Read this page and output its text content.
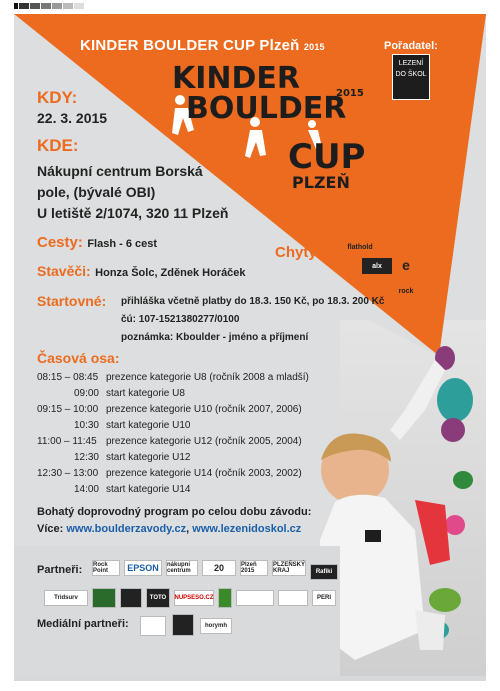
KINDER BOULDER CUP Plzeň 2015	Pořadatel:
LEZENÍ DO ŠKOL
KINDER
BOULDER
2015
CUP
PLZEŇ
KDY:
22. 3. 2015
KDE:
Nákupní centrum Borská
pole, (bývalé OBI)
U letiště 2/1074, 320 11 Plzeň
Cesty: Flash - 6 cest	Chyty:	flathold
alx	e
rock
Stavěči: Honza Šolc, Zděnek Horáček
Startovné: přihláška včetně platby do 18.3. 150 Kč, po 18.3. 200 Kč
čú: 107-1521380277/0100
poznámka: Kboulder - jméno a příjmení
Časová osa:
08:15 – 08:45 prezence kategorie U8 (ročník 2008 a mladší)
09:00 start kategorie U8
09:15 – 10:00 prezence kategorie U10 (ročník 2007, 2006)
10:30 start kategorie U10
11:00 – 11:45 prezence kategorie U12 (ročník 2005, 2004)
12:30 start kategorie U12
12:30 – 13:00 prezence kategorie U14 (ročník 2003, 2002)
14:00 start kategorie U14
Bohatý doprovodný program po celou dobu závodu:
Více: www.boulderzavody.cz, www.lezenidoskol.cz
Partneři: Rock Point	EPSON	nákupní centrum	20	Plzeň 2015
PLZEŇSKÝ KRAJ	Rafiki
Tridsurv	TOTO	NUPSESO.CZ	PERI
Mediální partneři:	horymh
